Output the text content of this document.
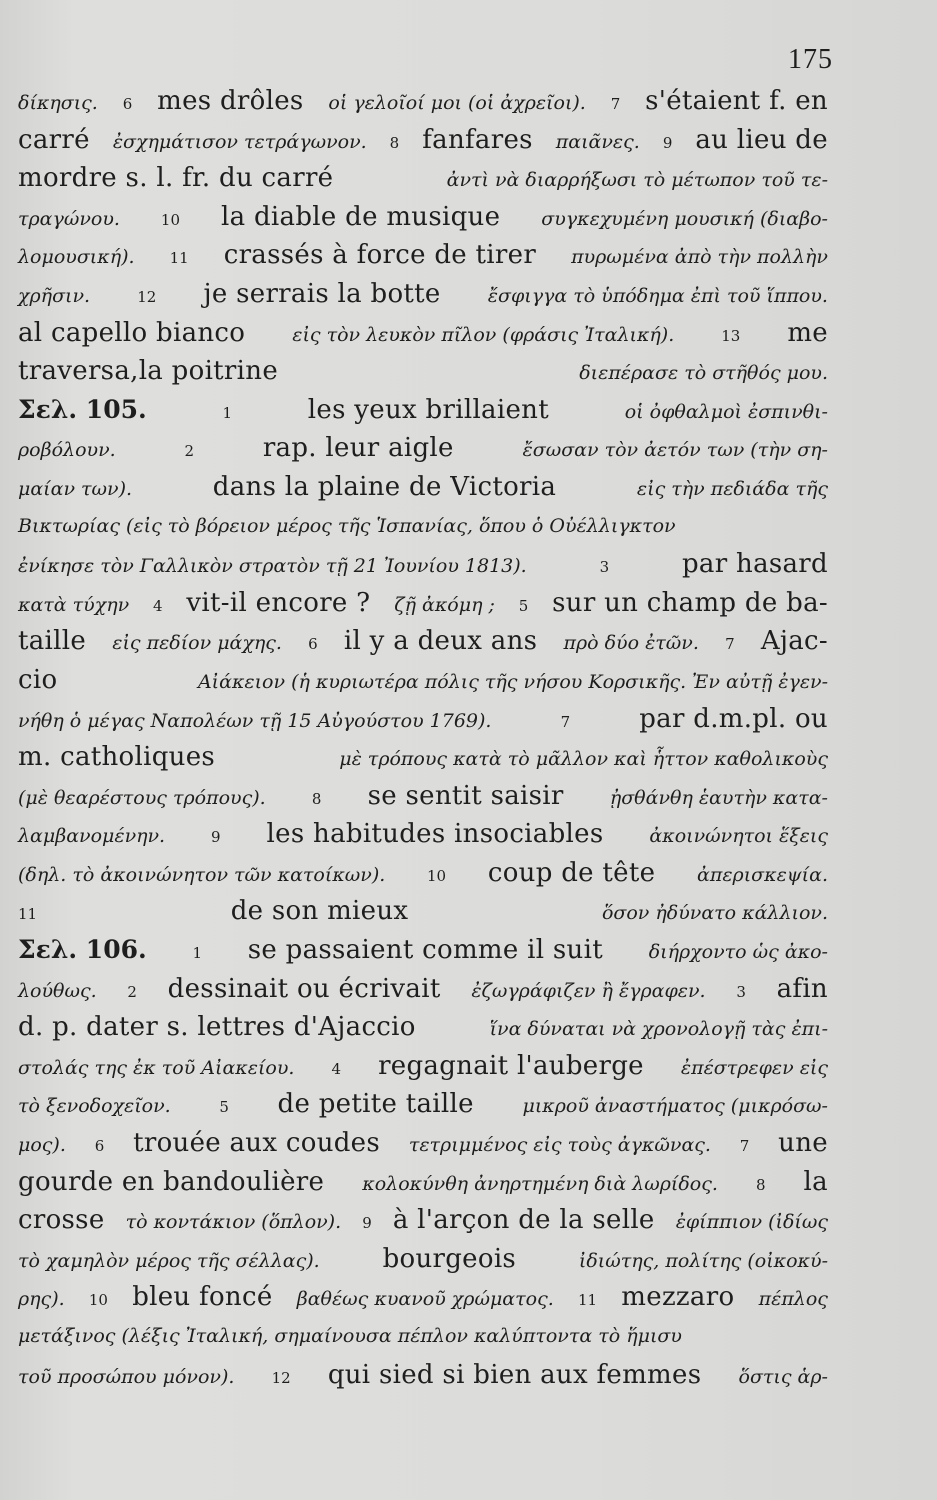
175
δίκησις. 6 mes drôles οἱ γελοῖοί μοι (οἱ ἀχρεῖοι). 7 s'étaient f. en
carré ἐσχημάτισον τετράγωνον. 8 fanfares παιᾶνες. 9 au lieu de
mordre s. l. fr. du carré	ἀντὶ νὰ διαρρήξωσι τὸ μέτωπον τοῦ τε-
τραγώνου.	10 la diable de musique συγκεχυμένη μουσική (διαβο-
λομουσική). 11 crassés à force de tirer πυρωμένα ἀπὸ τὴν πολλὴν
χρῆσιν.	12 je serrais la botte ἔσφιγγα τὸ ὑπόδημα ἐπὶ τοῦ ἵππου.
al capello bianco εἰς τὸν λευκὸν πῖλον (φράσις Ἰταλική).	13 me
traversa,la poitrine	διεπέρασε τὸ στῆθός μου.
Σελ. 105.	1	les yeux brillaient	οἱ ὀφθαλμοὶ ἐσπινθι-
ροβόλουν.	2	rap. leur aigle	ἔσωσαν τὸν ἀετόν των (τὴν ση-
μαίαν των).	dans la plaine de Victoria	εἰς τὴν πεδιάδα τῆς
Βικτωρίας (εἰς τὸ βόρειον μέρος τῆς Ἱσπανίας, ὅπου ὁ Οὐέλλιγκτον
ἐνίκησε τὸν Γαλλικὸν στρατὸν τῇ 21 Ἰουνίου 1813).	3	par hasard
κατὰ τύχην 4 vit-il encore ? ζῇ ἀκόμη ; 5 sur un champ de ba-
taille εἰς πεδίον μάχης. 6 il y a deux ans πρὸ δύο ἐτῶν. 7 Ajac-
cio	Αἰάκειον (ἡ κυριωτέρα πόλις τῆς νήσου Κορσικῆς. Ἐν αὐτῇ ἐγεν-
νήθη ὁ μέγας Ναπολέων τῇ 15 Αὐγούστου 1769).	7	par d.m.pl. ou
m. catholiques	μὲ τρόπους κατὰ τὸ μᾶλλον καὶ ἧττον καθολικοὺς
(μὲ θεαρέστους τρόπους).	8 se sentit saisir ᾐσθάνθη ἑαυτὴν κατα-
λαμβανομένην.	9 les habitudes insociables ἀκοινώνητοι ἕξεις
(δηλ. τὸ ἀκοινώνητον τῶν κατοίκων).	10 coup de tête ἀπερισκεψία.
11	de son mieux	ὅσον ἠδύνατο κάλλιον.
Σελ. 106.	1 se passaient comme il suit διήρχοντο ὡς ἀκο-
λούθως. 2 dessinait ou écrivait ἐζωγράφιζεν ἢ ἔγραφεν. 3 afin
d. p. dater s. lettres d'Ajaccio	ἵνα δύναται νὰ χρονολογῇ τὰς ἐπι-
στολάς της ἐκ τοῦ Αἰακείου. 4 regagnait l'auberge ἐπέστρεφεν εἰς
τὸ ξενοδοχεῖον.	5 de petite taille	μικροῦ ἀναστήματος (μικρόσω-
μος). 6 trouée aux coudes τετριμμένος εἰς τοὺς ἀγκῶνας. 7 une
gourde en bandoulière κολοκύνθη ἀνηρτημένη διὰ λωρίδος.	8 la
crosse τὸ κοντάκιον (ὅπλον). 9 à l'arçon de la selle ἐφίππιον (ἰδίως
τὸ χαμηλὸν μέρος τῆς σέλλας). bourgeois	ἰδιώτης, πολίτης (οἰκοκύ-
ρης). 10 bleu foncé βαθέως κυανοῦ χρώματος. 11 mezzaro πέπλος
μετάξινος (λέξις Ἰταλική, σημαίνουσα πέπλον καλύπτοντα τὸ ἥμισυ
τοῦ προσώπου μόνον). 12 qui sied si bien aux femmes ὅστις ἁρ-
